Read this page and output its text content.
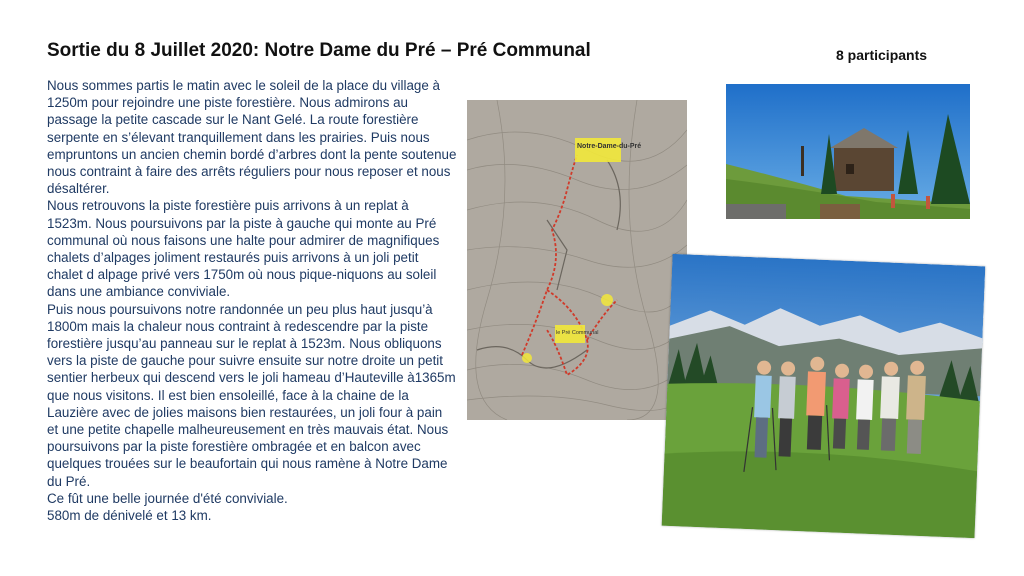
Sortie du 8 Juillet 2020: Notre Dame du Pré – Pré Communal	8 participants

Nous sommes partis le matin avec le soleil de la place du village à 1250m pour rejoindre une piste forestière. Nous admirons au passage la petite cascade sur le Nant Gelé. La route forestière serpente en s’élevant tranquillement dans les prairies. Puis nous empruntons un ancien chemin bordé d’arbres dont la pente soutenue nous contraint à faire des arrêts réguliers pour nous reposer et nous désaltérer.

Nous retrouvons la piste forestière puis arrivons à un replat à 1523m. Nous poursuivons par la piste à gauche qui monte au Pré communal où nous faisons une halte pour admirer de magnifiques chalets d’alpages joliment restaurés puis arrivons à un joli petit chalet d alpage privé vers 1750m où nous pique-niquons au soleil dans une ambiance conviviale.

Puis nous poursuivons notre randonnée un peu plus haut jusqu’à 1800m mais la chaleur nous contraint à redescendre par la piste forestière jusqu’au panneau sur le replat à 1523m. Nous obliquons vers la piste de gauche pour suivre ensuite sur notre droite un petit sentier herbeux qui descend vers le joli hameau d’Hauteville à1365m que nous visitons. Il est bien ensoleillé, face à la chaine de la Lauzière avec de jolies maisons bien restaurées, un joli four à pain et une petite chapelle malheureusement en très mauvais état. Nous poursuivons par la piste forestière ombragée et en balcon avec quelques trouées sur le beaufortain qui nous ramène à Notre Dame du Pré.

Ce fût une belle journée d'été conviviale.

580m de dénivelé et 13 km.

Notre-Dame-du-Pré
le Pré Communal
